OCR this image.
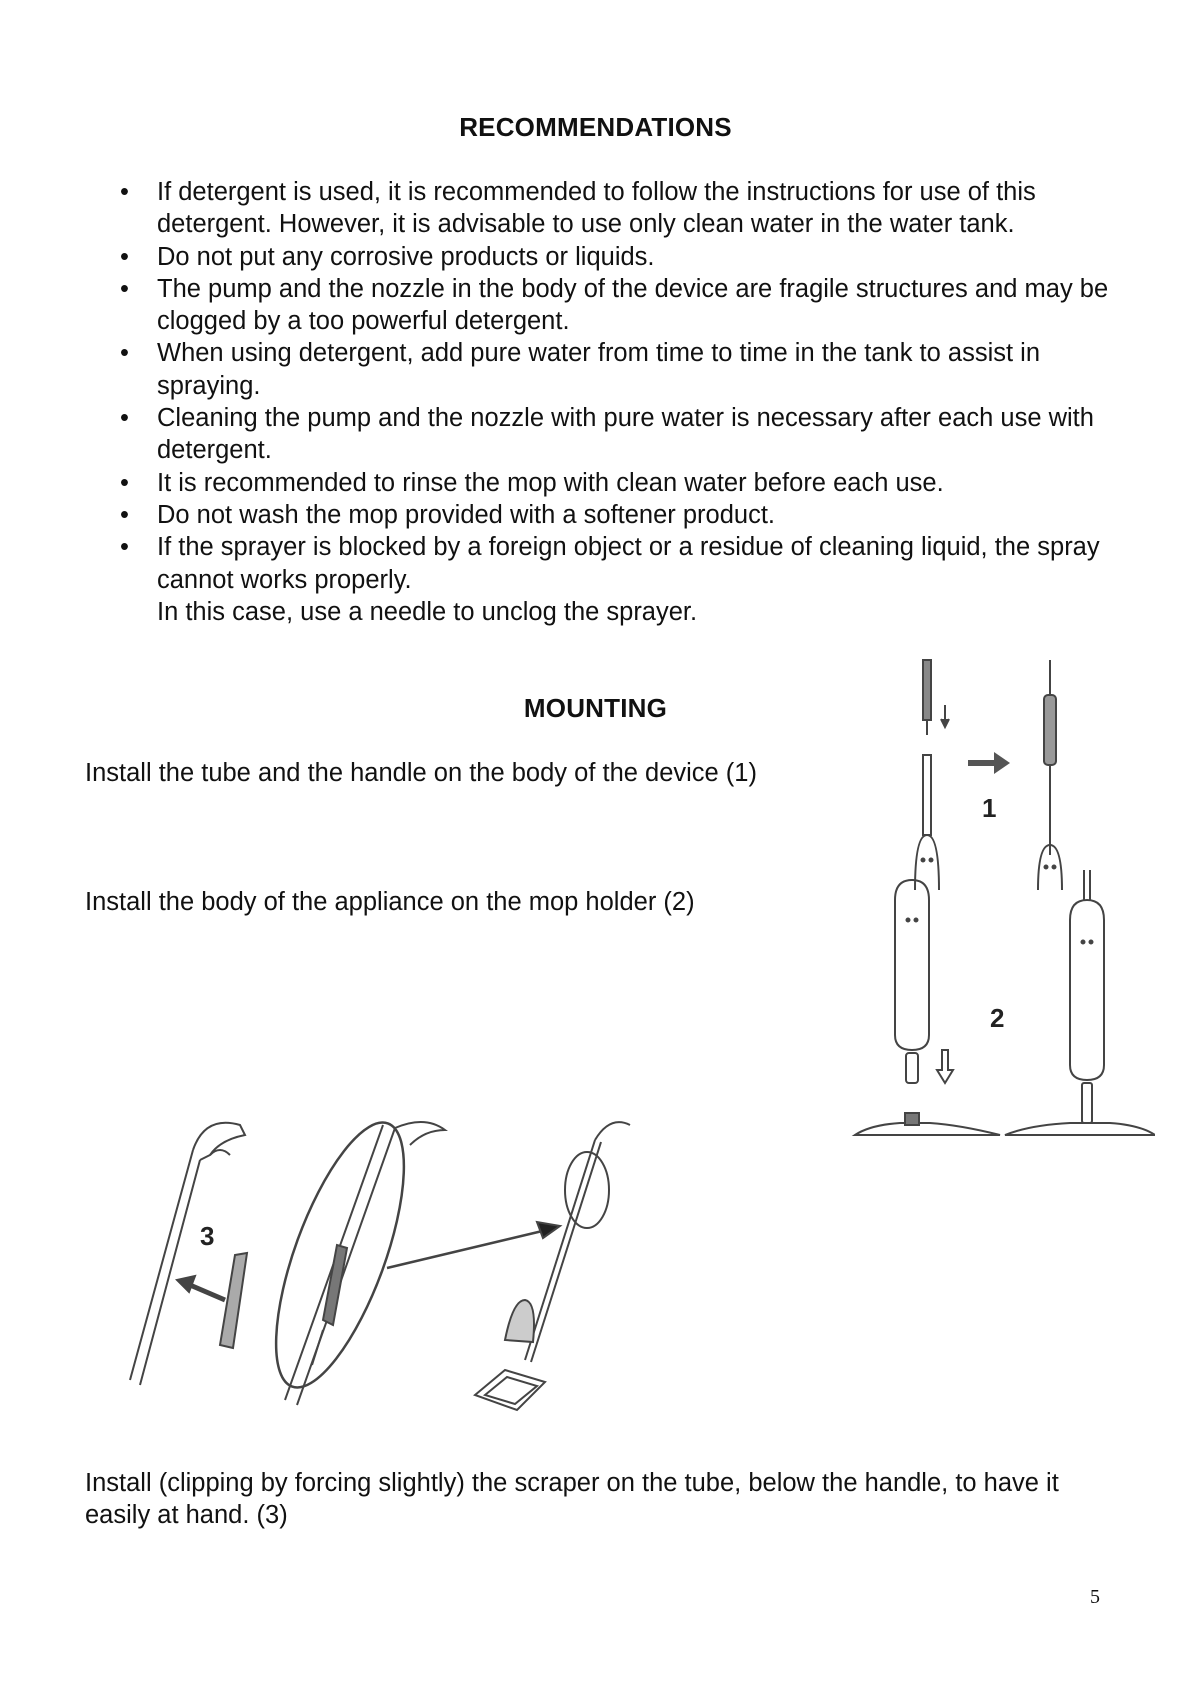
RECOMMENDATIONS
• If detergent is used, it is recommended to follow the instructions for use of this detergent. However, it is advisable to use only clean water in the water tank.
• Do not put any corrosive products or liquids.
• The pump and the nozzle in the body of the device are fragile structures and may be clogged by a too powerful detergent.
• When using detergent, add pure water from time to time in the tank to assist in spraying.
• Cleaning the pump and the nozzle with pure water is necessary after each use with detergent.
• It is recommended to rinse the mop with clean water before each use.
• Do not wash the mop provided with a softener product.
• If the sprayer is blocked by a foreign object or a residue of cleaning liquid, the spray cannot works properly.
In this case, use a needle to unclog the sprayer.
MOUNTING
Install the tube and the handle on the body of the device (1)
Install the body of the appliance on the mop holder (2)
Install (clipping by forcing slightly) the scraper on the tube, below the handle, to have it easily at hand. (3)
1
2
3
5
